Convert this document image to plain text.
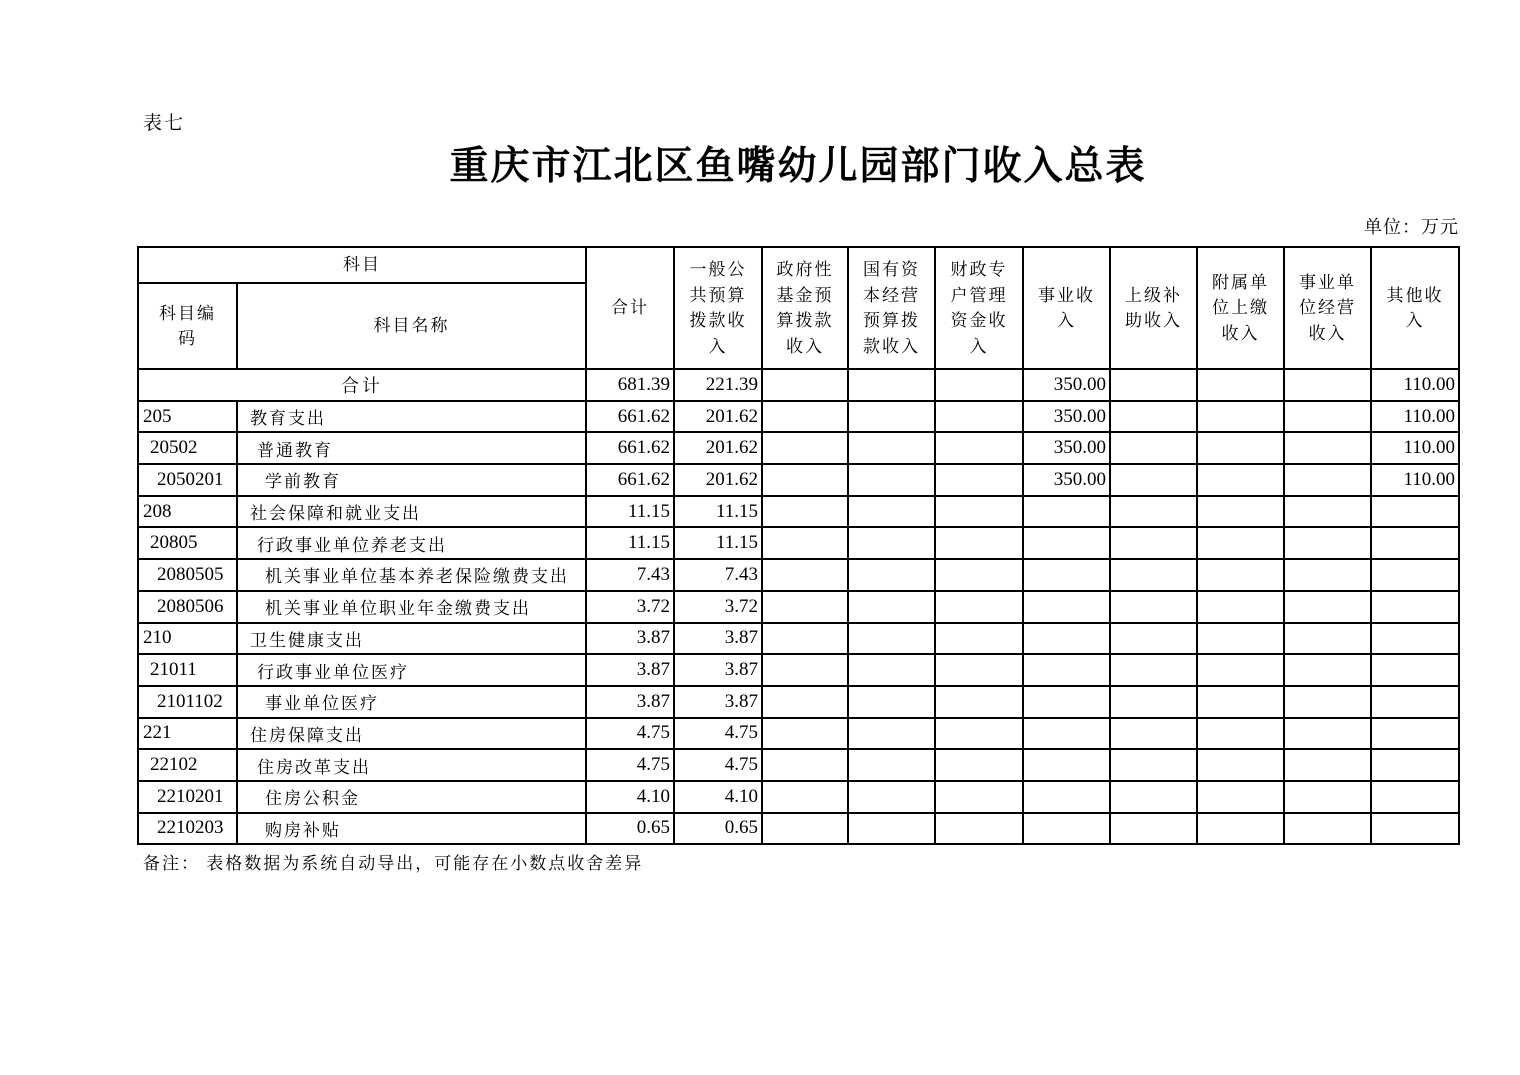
表七
重庆市江北区鱼嘴幼儿园部门收入总表
单位：万元
科目		合计	一般公共预算拨款收入	政府性基金预算拨款收入	国有资本经营预算拨款收入	财政专户管理资金收入	事业收入	上级补助收入	附属单位上缴收入	事业单位经营收入	其他收入
科目编码	科目名称										
合计		681.39	221.39				350.00				110.00
205	教育支出	661.62	201.62				350.00				110.00
20502	普通教育	661.62	201.62				350.00				110.00
2050201	学前教育	661.62	201.62				350.00				110.00
208	社会保障和就业支出	11.15	11.15								
20805	行政事业单位养老支出	11.15	11.15								
2080505	机关事业单位基本养老保险缴费支出	7.43	7.43								
2080506	机关事业单位职业年金缴费支出	3.72	3.72								
210	卫生健康支出	3.87	3.87								
21011	行政事业单位医疗	3.87	3.87								
2101102	事业单位医疗	3.87	3.87								
221	住房保障支出	4.75	4.75								
22102	住房改革支出	4.75	4.75								
2210201	住房公积金	4.10	4.10								
2210203	购房补贴	0.65	0.65								
备注： 表格数据为系统自动导出，可能存在小数点收舍差异
